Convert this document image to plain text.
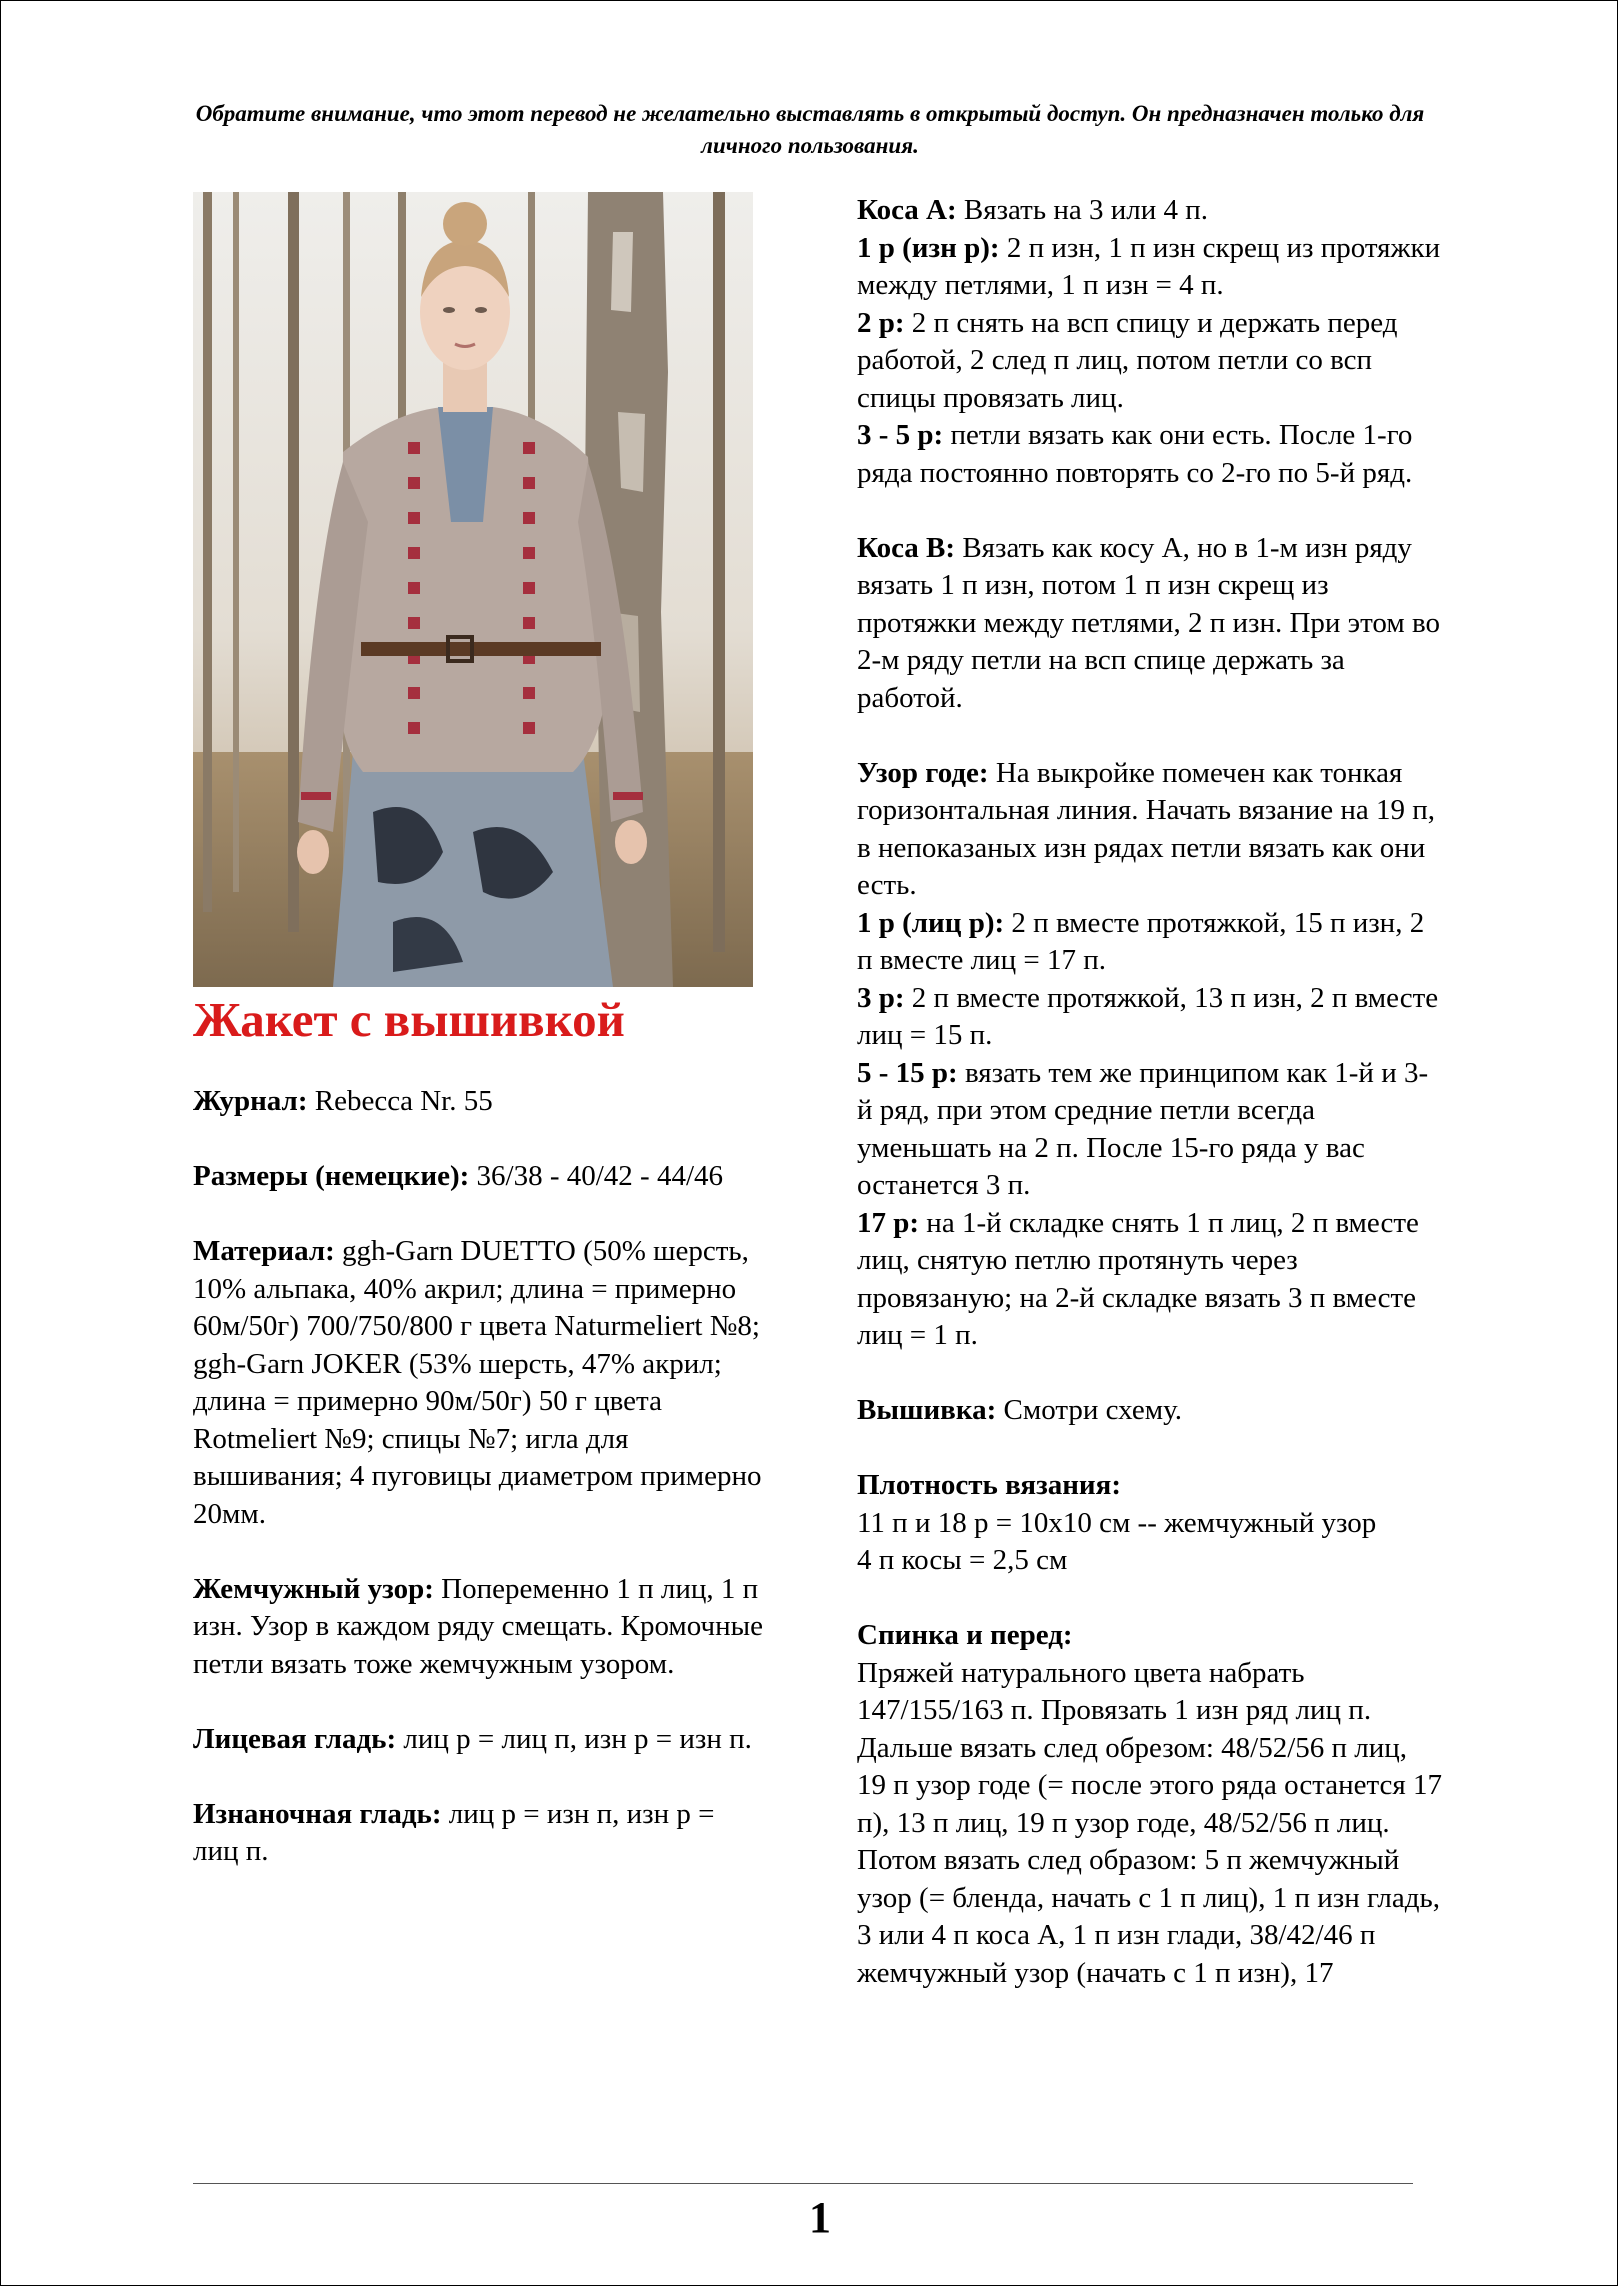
Обратите внимание, что этот перевод не желательно выставлять в открытый доступ. Он предназначен только для личного пользования.
Жакет с вышивкой

Журнал: Rebecca Nr. 55

Размеры (немецкие): 36/38 - 40/42 - 44/46

Материал: ggh-Garn DUETTO (50% шерсть, 10% альпака, 40% акрил; длина = примерно 60м/50г) 700/750/800 г цвета Naturmeliert №8; ggh-Garn JOKER (53% шерсть, 47% акрил; длина = примерно 90м/50г) 50 г цвета Rotmeliert №9; спицы №7; игла для вышивания; 4 пуговицы диаметром примерно 20мм.

Жемчужный узор: Попеременно 1 п лиц, 1 п изн. Узор в каждом ряду смещать. Кромочные петли вязать тоже жемчужным узором.

Лицевая гладь: лиц р = лиц п, изн р = изн п.

Изнаночная гладь: лиц р = изн п, изн р = лиц п.

Коса А: Вязать на 3 или 4 п.

1 р (изн р): 2 п изн, 1 п изн скрещ из протяжки между петлями, 1 п изн = 4 п.

2 р: 2 п снять на всп спицу и держать перед работой, 2 след п лиц, потом петли со всп спицы провязать лиц.

3 - 5 р: петли вязать как они есть. После 1-го ряда постоянно повторять со 2-го по 5-й ряд.

Коса В: Вязать как косу А, но в 1-м изн ряду вязать 1 п изн, потом 1 п изн скрещ из протяжки между петлями, 2 п изн. При этом во 2-м ряду петли на всп спице держать за работой.

Узор годе: На выкройке помечен как тонкая горизонтальная линия. Начать вязание на 19 п, в непоказаных изн рядах петли вязать как они есть.

1 р (лиц р): 2 п вместе протяжкой, 15 п изн, 2 п вместе лиц = 17 п.

3 р: 2 п вместе протяжкой, 13 п изн, 2 п вместе лиц = 15 п.

5 - 15 р: вязать тем же принципом как 1-й и 3-й ряд, при этом средние петли всегда уменьшать на 2 п. После 15-го ряда у вас останется 3 п.

17 р: на 1-й складке снять 1 п лиц, 2 п вместе лиц, снятую петлю протянуть через провязаную; на 2-й складке вязать 3 п вместе лиц = 1 п.

Вышивка: Смотри схему.

Плотность вязания:

11 п и 18 р = 10х10 см -- жемчужный узор

4 п косы = 2,5 см

Спинка и перед:

Пряжей натурального цвета набрать 147/155/163 п. Провязать 1 изн ряд лиц п. Дальше вязать след обрезом: 48/52/56 п лиц, 19 п узор годе (= после этого ряда останется 17 п), 13 п лиц, 19 п узор годе, 48/52/56 п лиц. Потом вязать след образом: 5 п жемчужный узор (= бленда, начать с 1 п лиц), 1 п изн гладь, 3 или 4 п коса А, 1 п изн глади, 38/42/46 п жемчужный узор (начать с 1 п изн), 17

1
